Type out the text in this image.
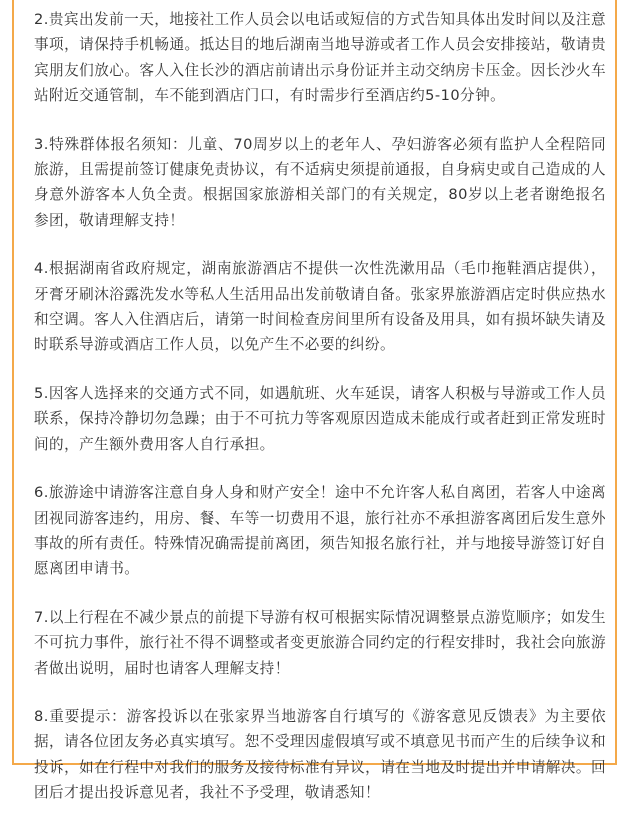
2.贵宾出发前一天，地接社工作人员会以电话或短信的方式告知具体出发时间以及注意事项，请保持手机畅通。抵达目的地后湖南当地导游或者工作人员会安排接站，敬请贵宾朋友们放心。客人入住长沙的酒店前请出示身份证并主动交纳房卡压金。因长沙火车站附近交通管制，车不能到酒店门口，有时需步行至酒店约5-10分钟。

3.特殊群体报名须知：儿童、70周岁以上的老年人、孕妇游客必须有监护人全程陪同旅游，且需提前签订健康免责协议，有不适病史须提前通报，自身病史或自己造成的人身意外游客本人负全责。根据国家旅游相关部门的有关规定，80岁以上老者谢绝报名参团，敬请理解支持！

4.根据湖南省政府规定，湖南旅游酒店不提供一次性洗漱用品（毛巾拖鞋酒店提供），牙膏牙刷沐浴露洗发水等私人生活用品出发前敬请自备。张家界旅游酒店定时供应热水和空调。客人入住酒店后，请第一时间检查房间里所有设备及用具，如有损坏缺失请及时联系导游或酒店工作人员，以免产生不必要的纠纷。

5.因客人选择来的交通方式不同，如遇航班、火车延误，请客人积极与导游或工作人员联系，保持冷静切勿急躁；由于不可抗力等客观原因造成未能成行或者赶到正常发班时间的，产生额外费用客人自行承担。

6.旅游途中请游客注意自身人身和财产安全！途中不允许客人私自离团，若客人中途离团视同游客违约，用房、餐、车等一切费用不退，旅行社亦不承担游客离团后发生意外事故的所有责任。特殊情况确需提前离团，须告知报名旅行社，并与地接导游签订好自愿离团申请书。

7.以上行程在不减少景点的前提下导游有权可根据实际情况调整景点游览顺序；如发生不可抗力事件，旅行社不得不调整或者变更旅游合同约定的行程安排时，我社会向旅游者做出说明，届时也请客人理解支持！

8.重要提示：游客投诉以在张家界当地游客自行填写的《游客意见反馈表》为主要依据，请各位团友务必真实填写。恕不受理因虚假填写或不填意见书而产生的后续争议和投诉，如在行程中对我们的服务及接待标准有异议，请在当地及时提出并申请解决。回团后才提出投诉意见者，我社不予受理，敬请悉知！
